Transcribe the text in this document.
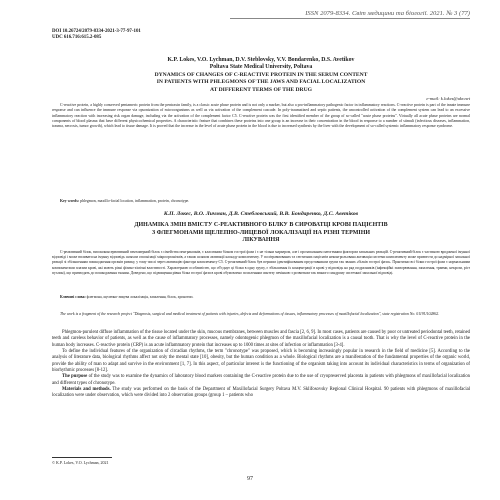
ISSN 2079-8334. Світ медицини та біології. 2021. № 3 (77)
DOI 10.26724/2079-8334-2021-3-77-97-101
UDC 616.716:615.2-085
K.P. Lokes, V.O. Lychman, D.V. Steblovsky, V.V. Bondarenko, D.S. Avetikov
Poltava State Medical University, Poltava
DYNAMICS OF CHANGES OF C-REACTIVE PROTEIN IN THE SERUM CONTENT
IN PATIENTS WITH PHLEGMONS OF THE JAWS AND FACIAL LOCALIZATION
AT DIFFERENT TERMS OF THE DRUG
e-mail: k.lokes@ukr.net
C-reactive protein, a highly conserved pentameric protein from the pentraxin family, is a classic acute phase protein and is not only a marker, but also a pro-inflammatory pathogenic factor in inflammatory reactions. C-reactive protein is part of the innate immune response and can influence the immune response via opsonization of microorganisms as well as via activation of the complement cascade. In poly-traumatized and septic patients, the uncontrolled activation of the complement system can lead to an excessive inflammatory reaction with increasing risk organ damage, including via the activation of the complement factor C5. C-reactive protein was the first identified member of the group of so-called "acute phase proteins". Virtually all acute phase proteins are normal components of blood plasma that have different physicochemical properties. A characteristic feature that combines these proteins into one group is an increase in their concentration in the blood in response to a number of stimuli (infectious diseases, inflammation, trauma, necrosis, tumor growth), which lead to tissue damage. It is proved that the increase in the level of acute phase protein in the blood is due to increased synthesis by the liver with the development of so-called systemic inflammatory response syndrome.
Key words: phlegmon, maxillo-facial location, inflammation, protein, chronotype.
К.П. Локес, В.О. Личман, Д.В. Стебловський, В.В. Бондаренко, Д.С. Аветіков
ДИНАМІКА ЗМІН ВМІСТУ С-РЕАКТИВНОГО БІЛКУ В СИРОВАТЦІ КРОВІ ПАЦІЄНТІВ
З ФЛЕГМОНАМИ ЩЕЛЕПНО-ЛИЦЕВОЇ ЛОКАЛІЗАЦІЇ НА РІЗНІ ТЕРМІНИ
ЛІКУВАННЯ
С-реактивний білок, висококонсервативний пентамерний білок з сімейства пентраксинів, є класичним білком гострої фази і є не тільки маркером, але і прозапальним патогенним фактором запальних реакцій. С-реактивний білок є частиною вродженої імунної відповіді і може впливати на імунну відповідь шляхом опсонізації мікроорганізмів, а також шляхом активації каскаду комплементу. У політравмованих та септичних пацієнтів неконтрольована активація системи комплементу може призвести до надмірної запальної реакції зі збільшенням пошкодження органів ризику, у тому числі через активацію фактора комплементу С5. С-реактивний білок був першим ідентифікованим представником групи так званих «білків гострої фази». Практично всі білки гострої фази є нормальними компонентами плазми крові, які мають різні фізико-хімічні властивості. Характерною особливістю, що об'єднує ці білки в одну групу, є збільшення їх концентрації в крові у відповідь на ряд подразників (інфекційні захворювання, запалення, травми, некрози, ріст пухлин), що призводять до пошкодження тканин. Доведено, що підвищення рівня білка гострої фази в крові обумовлено посиленням синтезу печінкою з розвитком так званого синдрому системної запальної відповіді.
Ключові слова: флегмона, щелепно-лицева локалізація, запалення, білок, хронотип.
The work is a fragment of the research project "Diagnosis, surgical and medical treatment of patients with injuries, defects and deformations of tissues, inflammatory processes of maxillofacial localization", state registration No. 0119U102862.

Phlegmon-purulent diffuse inflammation of the tissue located under the skin, mucous membranes, between muscles and fascia [2, 6, 9]. In most cases, patients are caused by poor or untreated periodontal teeth, retained teeth and careless behavior of patients, as well as the cause of inflammatory processes, namely odontogenic phlegmon of the maxillofacial localization is a causal tooth. That is why the level of C-reactive protein in the human body increases. C-reactive protein (CRP) is an acute inflammatory protein that increases up to 1000 times at sites of infection or inflammation [3-4].

To define the individual features of the organization of circadian rhythms, the term "chronotype" was proposed, which is becoming increasingly popular in research in the field of medicine [5]. According to the analysis of literature data, biological rhythms affect not only the mental state [10], obesity, but the human condition as a whole. Biological rhythms are a manifestation of the fundamental properties of the organic world, provide the ability of man to adapt and survive in the environment [1, 7]. In this aspect, of particular interest is the functioning of the organism taking into account its individual characteristics in terms of organization of biorhythmic processes [8-12].

The purpose of the study was to examine the dynamics of laboratory blood markers containing the C-reactive protein due to the use of cryopreserved placenta in patients with phlegmons of maxillofacial localization and different types of chronotype.

Materials and methods. The study was performed on the basis of the Department of Maxillofacial Surgery Poltava M.V. Sklifosovsky Regional Clinical Hospital. 90 patients with phlegmons of maxillofacial localization were under observation, which were divided into 2 observation groups (group 1 – patients who

© K.P. Lokes, V.O. Lychman, 2021
97
